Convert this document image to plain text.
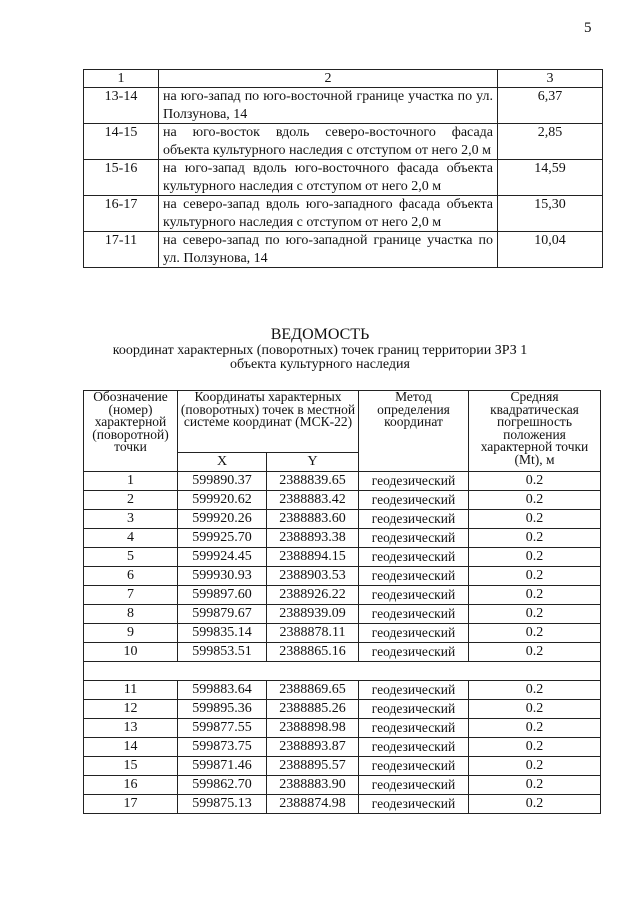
5
1	2	3
13-14	на юго-запад по юго-восточной границе участка по ул. Ползунова, 14	6,37
14-15	на юго-восток вдоль северо-восточного фасада объекта культурного наследия с отступом от него 2,0 м	2,85
15-16	на юго-запад вдоль юго-восточного фасада объекта культурного наследия с отступом от него 2,0 м	14,59
16-17	на северо-запад вдоль юго-западного фасада объекта культурного наследия с отступом от него 2,0 м	15,30
17-11	на северо-запад по юго-западной границе участка по ул. Ползунова, 14	10,04
ВЕДОМОСТЬ
координат характерных (поворотных) точек границ территории ЗРЗ 1
объекта культурного наследия
Обозначение (номер) характерной (поворотной) точки	Координаты характерных (поворотных) точек в местной системе координат (МСК-22)		Метод определения координат	Средняя квадратическая погрешность положения характерной точки (Mt), м
	X	Y		
1	599890.37	2388839.65	геодезический	0.2
2	599920.62	2388883.42	геодезический	0.2
3	599920.26	2388883.60	геодезический	0.2
4	599925.70	2388893.38	геодезический	0.2
5	599924.45	2388894.15	геодезический	0.2
6	599930.93	2388903.53	геодезический	0.2
7	599897.60	2388926.22	геодезический	0.2
8	599879.67	2388939.09	геодезический	0.2
9	599835.14	2388878.11	геодезический	0.2
10	599853.51	2388865.16	геодезический	0.2

11	599883.64	2388869.65	геодезический	0.2
12	599895.36	2388885.26	геодезический	0.2
13	599877.55	2388898.98	геодезический	0.2
14	599873.75	2388893.87	геодезический	0.2
15	599871.46	2388895.57	геодезический	0.2
16	599862.70	2388883.90	геодезический	0.2
17	599875.13	2388874.98	геодезический	0.2
